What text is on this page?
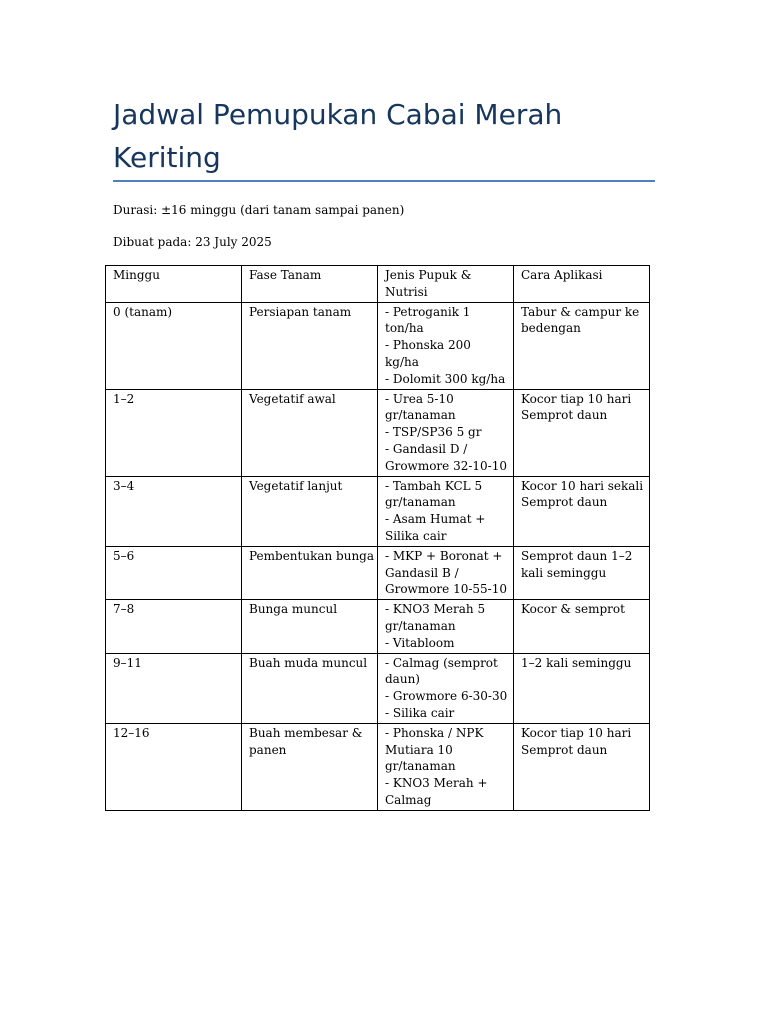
Jadwal Pemupukan Cabai Merah
Keriting

Durasi: ±16 minggu (dari tanam sampai panen)

Dibuat pada: 23 July 2025

Minggu	Fase Tanam	Jenis Pupuk &
Nutrisi	Cara Aplikasi

0 (tanam)	Persiapan tanam	- Petroganik 1
ton/ha
- Phonska 200
kg/ha
- Dolomit 300 kg/ha	Tabur & campur ke
bedengan

1–2	Vegetatif awal	- Urea 5-10
gr/tanaman
- TSP/SP36 5 gr
- Gandasil D /
Growmore 32-10-10	Kocor tiap 10 hari
Semprot daun

3–4	Vegetatif lanjut	- Tambah KCL 5
gr/tanaman
- Asam Humat +
Silika cair	Kocor 10 hari sekali
Semprot daun

5–6	Pembentukan bunga	- MKP + Boronat +
Gandasil B /
Growmore 10-55-10	Semprot daun 1–2
kali seminggu

7–8	Bunga muncul	- KNO3 Merah 5
gr/tanaman
- Vitabloom	Kocor & semprot

9–11	Buah muda muncul	- Calmag (semprot
daun)
- Growmore 6-30-30
- Silika cair	1–2 kali seminggu

12–16	Buah membesar &
panen	- Phonska / NPK
Mutiara 10
gr/tanaman
- KNO3 Merah +
Calmag	Kocor tiap 10 hari
Semprot daun
